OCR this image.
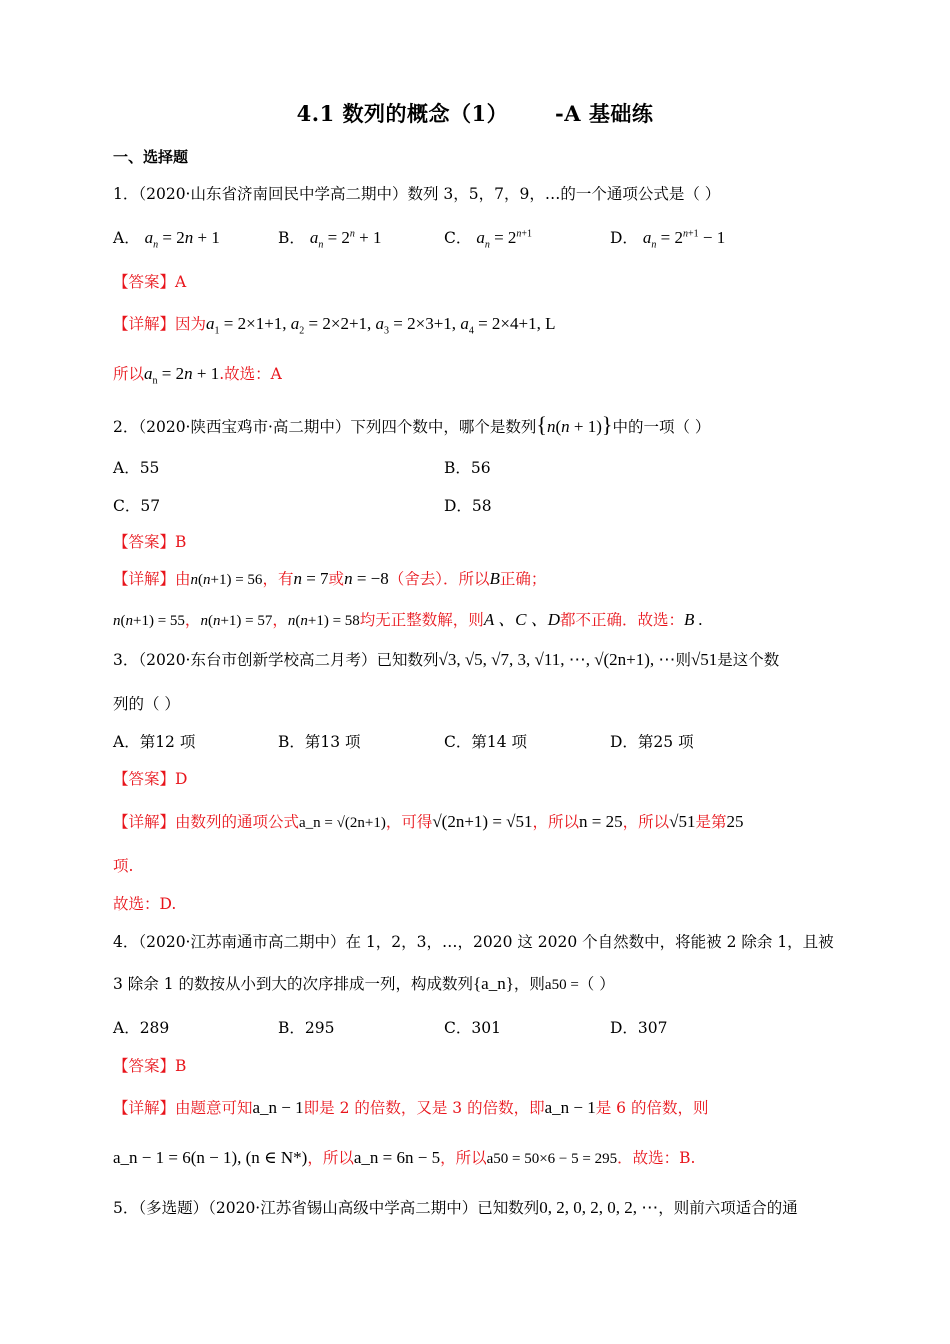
4.1 数列的概念（1）      -A 基础练
一、选择题
1．（2020·山东省济南回民中学高二期中）数列 3，5，7，9，…的一个通项公式是（ ）
A． $a_n = 2n + 1$	B． $a_n = 2^n + 1$	C． $a_n = 2^{n+1}$	D． $a_n = 2^{n+1} - 1$
【答案】A
【详解】因为$a_1 = 2\times 1+1$, $a_2 = 2\times 2+1$, $a_3 = 2\times 3+1$, $a_4 = 2\times 4+1$, L
所以$a_n = 2n + 1$.故选：A
2．（2020·陕西宝鸡市·高二期中）下列四个数中，哪个是数列{n(n + 1)}中的一项（ ）
A．55	B．56
C．57	D．58
【答案】B
【详解】由n(n+1) = 56，有n = 7或n = −8（舍去）．所以B正确；
n(n+1) = 55，n(n+1) = 57，n(n+1) = 58均无正整数解，则A 、C 、D都不正确．故选：B .
3．（2020·东台市创新学校高二月考）已知数列√3, √5, √7, 3, √11, ⋯, √(2n+1), ⋯则√51是这个数
列的（ ）
A．第12 项	B．第13 项	C．第14 项	D．第25 项
【答案】D
【详解】由数列的通项公式a_n = √(2n+1)，可得√(2n+1) = √51，所以n = 25，所以√51是第25
项.
故选：D.
4．（2020·江苏南通市高二期中）在 1，2，3，…，2020 这 2020 个自然数中，将能被 2 除余 1，且被
3 除余 1 的数按从小到大的次序排成一列，构成数列{a_n}，则a50 =（ ）
A．289	B．295	C．301	D．307
【答案】B
【详解】由题意可知a_n − 1即是 2 的倍数，又是 3 的倍数，即a_n − 1是 6 的倍数，则
a_n − 1 = 6(n − 1), (n ∈ N*)，所以a_n = 6n − 5，所以a50 = 50×6 − 5 = 295．故选：B.
5．（多选题）（2020·江苏省锡山高级中学高二期中）已知数列0, 2, 0, 2, 0, 2, ⋯，则前六项适合的通
